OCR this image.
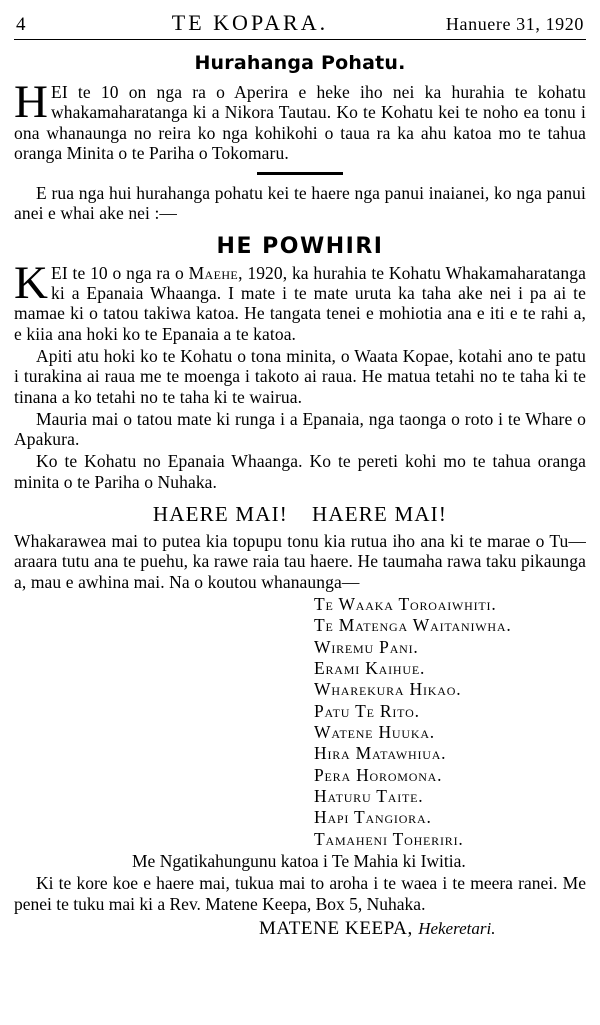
4	TE KOPARA.	Hanuere 31, 1920
Hurahanga Pohatu.
HEI te 10 on nga ra o Aperira e heke iho nei ka hurahia te kohatu whakamaharatanga ki a Nikora Tautau. Ko te Kohatu kei te noho ea tonu i ona whanaunga no reira ko nga kohikohi o taua ra ka ahu katoa mo te tahua oranga Minita o te Pariha o Tokomaru.

E rua nga hui hurahanga pohatu kei te haere nga panui inaianei, ko nga panui anei e whai ake nei :—

HE POWHIRI
KEI te 10 o nga ra o Maehe, 1920, ka hurahia te Kohatu Whakamaharatanga ki a Epanaia Whaanga. I mate i te mate uruta ka taha ake nei i pa ai te mamae ki o tatou takiwa katoa. He tangata tenei e mohiotia ana e iti e te rahi a, e kiia ana hoki ko te Epanaia a te katoa.

Apiti atu hoki ko te Kohatu o tona minita, o Waata Kopae, kotahi ano te patu i turakina ai raua me te moenga i takoto ai raua. He matua tetahi no te taha ki te tinana a ko tetahi no te taha ki te wairua.

Mauria mai o tatou mate ki runga i a Epanaia, nga taonga o roto i te Whare o Apakura.

Ko te Kohatu no Epanaia Whaanga. Ko te pereti kohi mo te tahua oranga minita o te Pariha o Nuhaka.

HAERE MAI! HAERE MAI!

Whakarawea mai to putea kia topupu tonu kia rutua iho ana ki te marae o Tu—araara tutu ana te puehu, ka rawe raia tau haere. He taumaha rawa taku pikaunga a, mau e awhina mai. Na o koutou whanaunga—

Te Waaka Toroaiwhiti.
Te Matenga Waitaniwha.
Wiremu Pani.
Erami Kaihue.
Wharekura Hikao.
Patu Te Rito.
Watene Huuka.
Hira Matawhiua.
Pera Horomona.
Haturu Taite.
Hapi Tangiora.
Tamaheni Toheriri.

Me Ngatikahungunu katoa i Te Mahia ki Iwitia.

Ki te kore koe e haere mai, tukua mai to aroha i te waea i te meera ranei. Me penei te tuku mai ki a Rev. Matene Keepa, Box 5, Nuhaka.

MATENE KEEPA, Hekeretari.
